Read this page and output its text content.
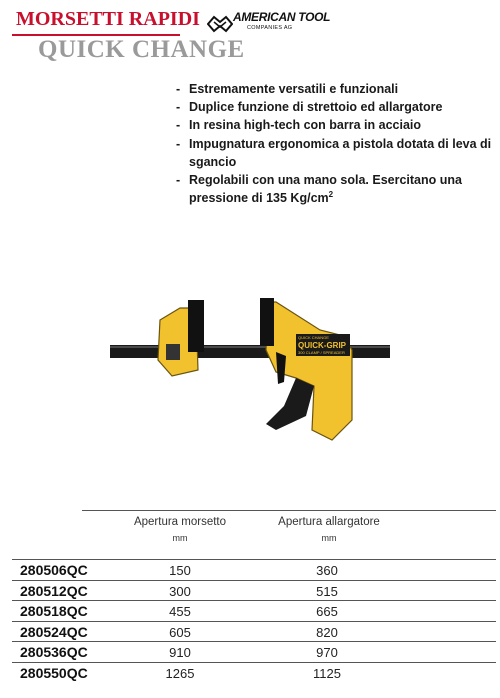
MORSETTI RAPIDI
QUICK CHANGE
AMERICAN TOOL
COMPANIES AG
- Estremamente versatili e funzionali
- Duplice funzione di strettoio ed allargatore
- In resina high-tech con barra in acciaio
- Impugnatura ergonomica a pistola dotata di leva di sgancio
- Regolabili con una mano sola. Esercitano una pressione di 135 $Kg/cm^2$
QUICK CHANGE
QUICK-GRIP
300 CLAMP / SPREADER
Apertura morsetto
mm
Apertura allargatore
mm
280506QC	150	360
280512QC	300	515
280518QC	455	665
280524QC	605	820
280536QC	910	970
280550QC	1265	1125
